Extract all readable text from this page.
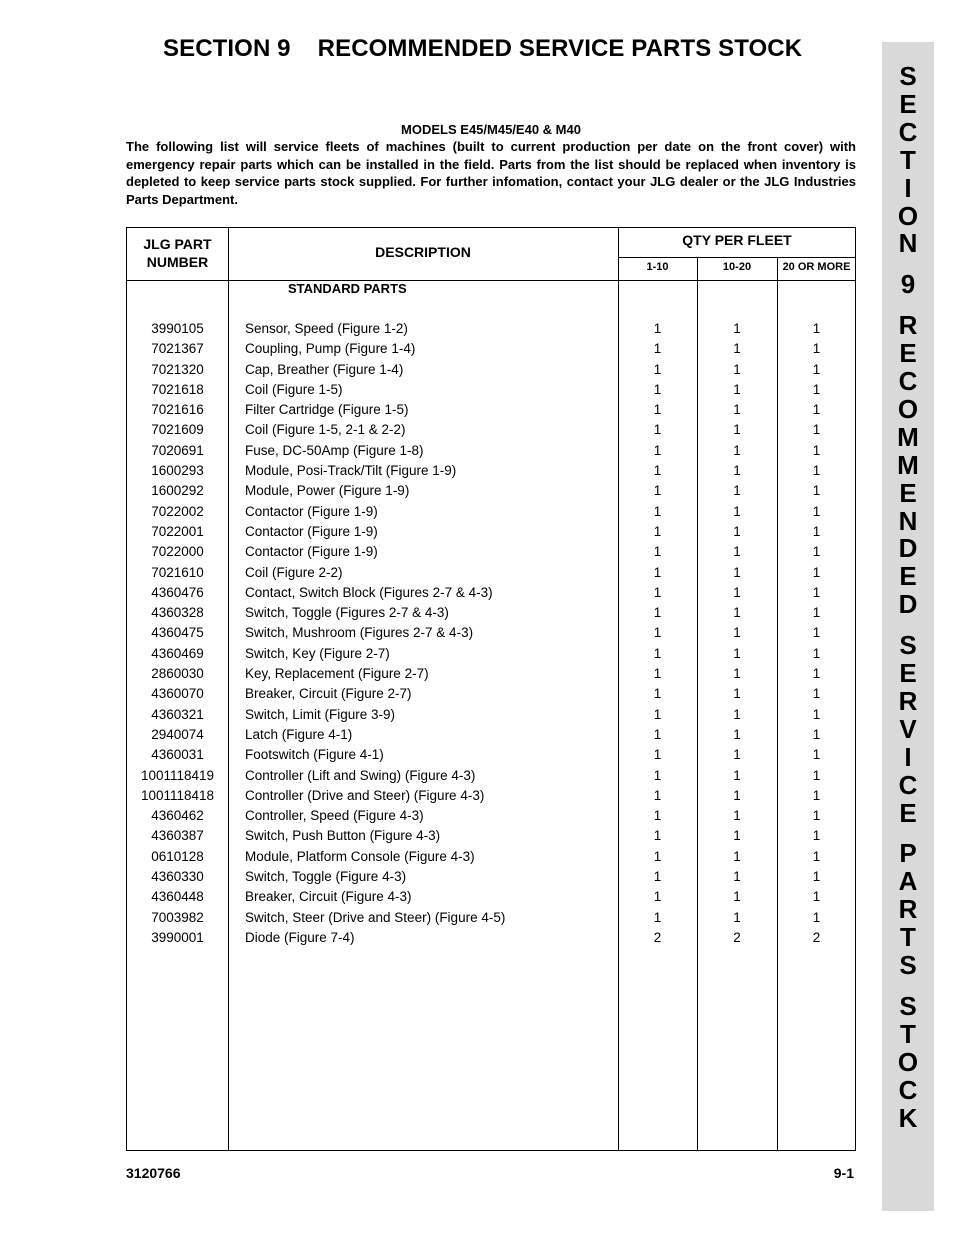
SECTION 9    RECOMMENDED SERVICE PARTS STOCK
S
E
C
T
I
O
N
9
R
E
C
O
M
M
E
N
D
E
D
S
E
R
V
I
C
E
P
A
R
T
S
S
T
O
C
K
MODELS E45/M45/E40 & M40

The following list will service fleets of machines (built to current production per date on the front cover) with emergency repair parts which can be installed in the field. Parts from the list should be replaced when inventory is depleted to keep service parts stock supplied. For further infomation, contact your JLG dealer or the JLG Industries Parts Department.

JLG PART NUMBER
DESCRIPTION
QTY PER FLEET
1-10	10-20	20 OR MORE
STANDARD PARTS
3990105	Sensor, Speed (Figure 1-2)	1	1	1
7021367	Coupling, Pump (Figure 1-4)	1	1	1
7021320	Cap, Breather (Figure 1-4)	1	1	1
7021618	Coil (Figure 1-5)	1	1	1
7021616	Filter Cartridge (Figure 1-5)	1	1	1
7021609	Coil (Figure 1-5, 2-1 & 2-2)	1	1	1
7020691	Fuse, DC-50Amp (Figure 1-8)	1	1	1
1600293	Module, Posi-Track/Tilt (Figure 1-9)	1	1	1
1600292	Module, Power (Figure 1-9)	1	1	1
7022002	Contactor (Figure 1-9)	1	1	1
7022001	Contactor (Figure 1-9)	1	1	1
7022000	Contactor (Figure 1-9)	1	1	1
7021610	Coil (Figure 2-2)	1	1	1
4360476	Contact, Switch Block (Figures 2-7 & 4-3)	1	1	1
4360328	Switch, Toggle (Figures 2-7 & 4-3)	1	1	1
4360475	Switch, Mushroom (Figures 2-7 & 4-3)	1	1	1
4360469	Switch, Key (Figure 2-7)	1	1	1
2860030	Key, Replacement (Figure 2-7)	1	1	1
4360070	Breaker, Circuit (Figure 2-7)	1	1	1
4360321	Switch, Limit (Figure 3-9)	1	1	1
2940074	Latch (Figure 4-1)	1	1	1
4360031	Footswitch (Figure 4-1)	1	1	1
1001118419	Controller (Lift and Swing) (Figure 4-3)	1	1	1
1001118418	Controller (Drive and Steer) (Figure 4-3)	1	1	1
4360462	Controller, Speed (Figure 4-3)	1	1	1
4360387	Switch, Push Button (Figure 4-3)	1	1	1
0610128	Module, Platform Console (Figure 4-3)	1	1	1
4360330	Switch, Toggle (Figure 4-3)	1	1	1
4360448	Breaker, Circuit (Figure 4-3)	1	1	1
7003982	Switch, Steer (Drive and Steer) (Figure 4-5)	1	1	1
3990001	Diode (Figure 7-4)	2	2	2
3120766	9-1
